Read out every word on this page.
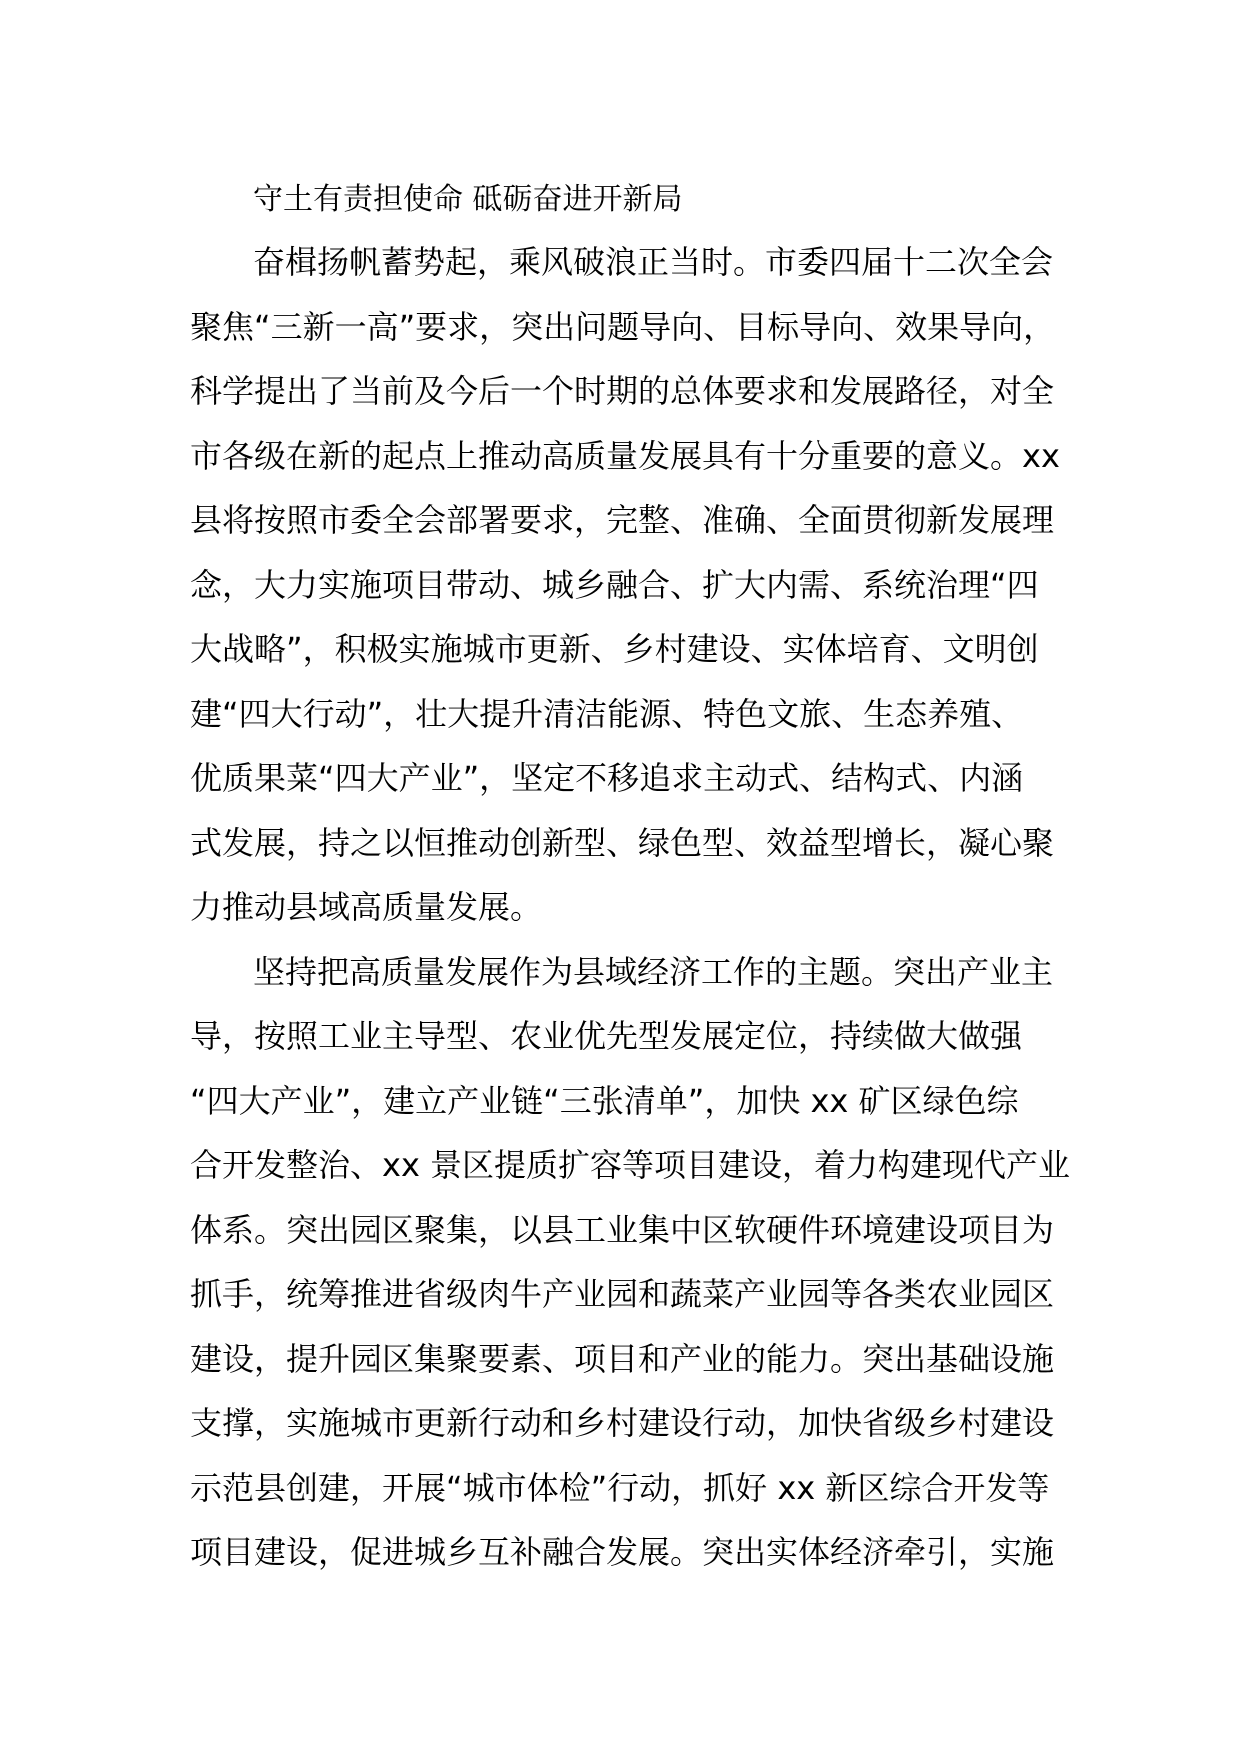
守土有责担使命 砥砺奋进开新局

奋楫扬帆蓄势起，乘风破浪正当时。市委四届十二次全会

聚焦“三新一高”要求，突出问题导向、目标导向、效果导向，

科学提出了当前及今后一个时期的总体要求和发展路径，对全

市各级在新的起点上推动高质量发展具有十分重要的意义。xx

县将按照市委全会部署要求，完整、准确、全面贯彻新发展理

念，大力实施项目带动、城乡融合、扩大内需、系统治理“四

大战略”，积极实施城市更新、乡村建设、实体培育、文明创

建“四大行动”，壮大提升清洁能源、特色文旅、生态养殖、

优质果菜“四大产业”，坚定不移追求主动式、结构式、内涵

式发展，持之以恒推动创新型、绿色型、效益型增长，凝心聚

力推动县域高质量发展。

坚持把高质量发展作为县域经济工作的主题。突出产业主

导，按照工业主导型、农业优先型发展定位，持续做大做强

“四大产业”，建立产业链“三张清单”，加快 xx 矿区绿色综

合开发整治、xx 景区提质扩容等项目建设，着力构建现代产业

体系。突出园区聚集，以县工业集中区软硬件环境建设项目为

抓手，统筹推进省级肉牛产业园和蔬菜产业园等各类农业园区

建设，提升园区集聚要素、项目和产业的能力。突出基础设施

支撑，实施城市更新行动和乡村建设行动，加快省级乡村建设

示范县创建，开展“城市体检”行动，抓好 xx 新区综合开发等

项目建设，促进城乡互补融合发展。突出实体经济牵引，实施
